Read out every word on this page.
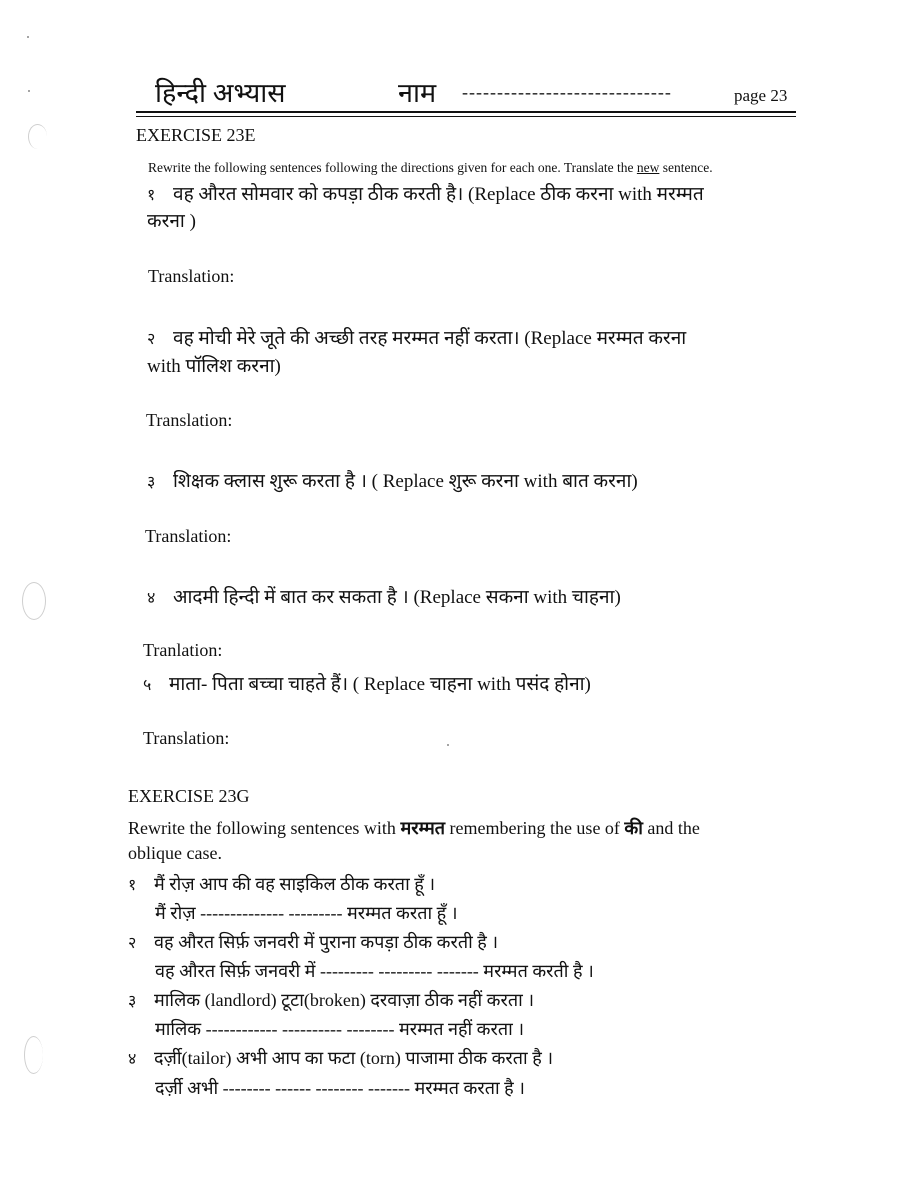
हिन्दी अभ्यास	नाम ------------------------------	page 23
EXERCISE 23E
Rewrite the following sentences following the directions given for each one. Translate the new sentence.
१ वह औरत सोमवार को कपड़ा ठीक करती है। (Replace ठीक करना with मरम्मत
करना )
Translation:
२ वह मोची मेरे जूते की अच्छी तरह मरम्मत नहीं करता। (Replace मरम्मत करना
with पॉलिश करना)
Translation:
३ शिक्षक क्लास शुरू करता है । ( Replace शुरू करना with बात करना)
Translation:
४ आदमी हिन्दी में बात कर सकता है । (Replace सकना with चाहना)
Tranlation:
५ माता- पिता बच्चा चाहते हैं। ( Replace चाहना with पसंद होना)
Translation:
EXERCISE 23G
Rewrite the following sentences with मरम्मत remembering the use of की and the
oblique case.
१ मैं रोज़ आप की वह साइकिल ठीक करता हूँ ।
मैं रोज़ -------------- --------- मरम्मत करता हूँ ।
२ वह औरत सिर्फ़ जनवरी में पुराना कपड़ा ठीक करती है ।
वह औरत सिर्फ़ जनवरी में --------- --------- ------- मरम्मत करती है ।
३ मालिक (landlord) टूटा(broken) दरवाज़ा ठीक नहीं करता ।
मालिक ------------ ---------- -------- मरम्मत नहीं करता ।
४ दर्ज़ी(tailor) अभी आप का फटा (torn) पाजामा ठीक करता है ।
दर्ज़ी अभी -------- ------ -------- ------- मरम्मत करता है ।
